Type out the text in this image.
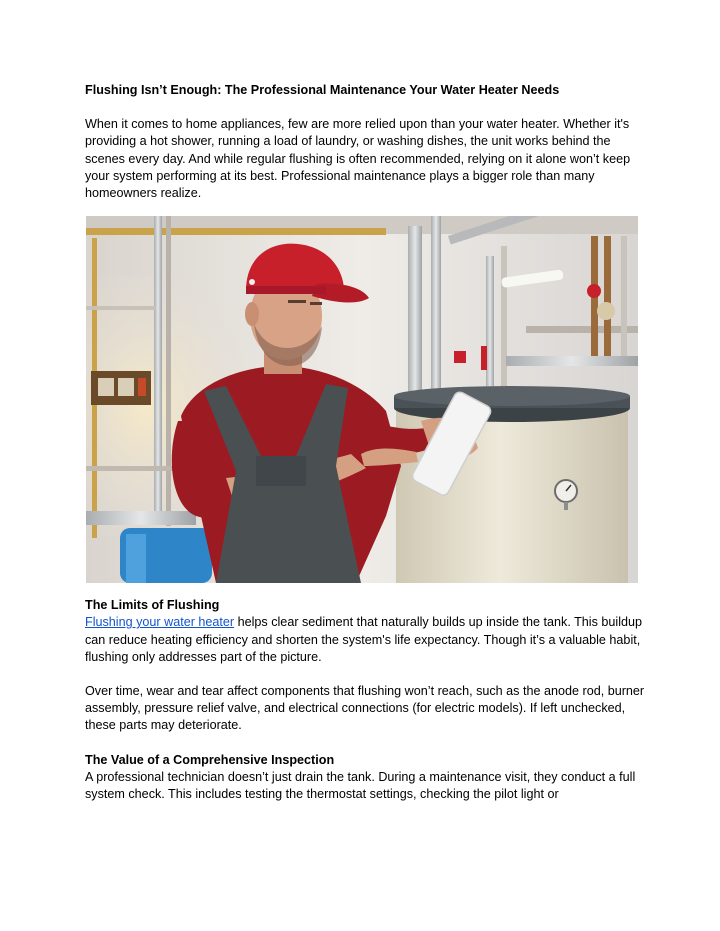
Flushing Isn’t Enough: The Professional Maintenance Your Water Heater Needs

When it comes to home appliances, few are more relied upon than your water heater. Whether it's providing a hot shower, running a load of laundry, or washing dishes, the unit works behind the scenes every day. And while regular flushing is often recommended, relying on it alone won’t keep your system performing at its best. Professional maintenance plays a bigger role than many homeowners realize.

The Limits of Flushing

Flushing your water heater helps clear sediment that naturally builds up inside the tank. This buildup can reduce heating efficiency and shorten the system's life expectancy. Though it’s a valuable habit, flushing only addresses part of the picture.

Over time, wear and tear affect components that flushing won’t reach, such as the anode rod, burner assembly, pressure relief valve, and electrical connections (for electric models). If left unchecked, these parts may deteriorate.

The Value of a Comprehensive Inspection

A professional technician doesn’t just drain the tank. During a maintenance visit, they conduct a full system check. This includes testing the thermostat settings, checking the pilot light or
